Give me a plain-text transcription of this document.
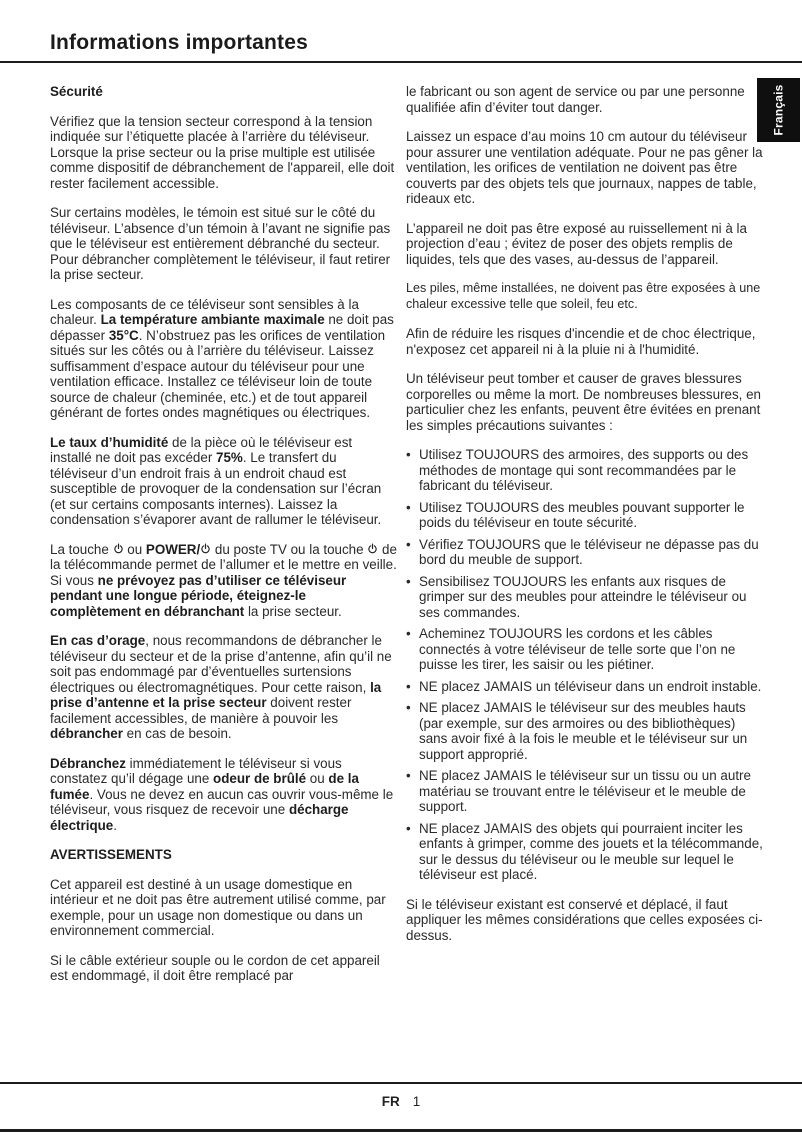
Informations importantes
Français
Sécurité
Vérifiez que la tension secteur correspond à la tension indiquée sur l’étiquette placée à l’arrière du téléviseur. Lorsque la prise secteur ou la prise multiple est utilisée comme dispositif de débranchement de l'appareil, elle doit rester facilement accessible.
Sur certains modèles, le témoin est situé sur le côté du téléviseur. L’absence d’un témoin à l’avant ne signifie pas que le téléviseur est entièrement débranché du secteur. Pour débrancher complètement le téléviseur, il faut retirer la prise secteur.
Les composants de ce téléviseur sont sensibles à la chaleur. La température ambiante maximale ne doit pas dépasser 35°C. N’obstruez pas les orifices de ventilation situés sur les côtés ou à l’arrière du téléviseur. Laissez suffisamment d’espace autour du téléviseur pour une ventilation efficace. Installez ce téléviseur loin de toute source de chaleur (cheminée, etc.) et de tout appareil générant de fortes ondes magnétiques ou électriques.
Le taux d’humidité de la pièce où le téléviseur est installé ne doit pas excéder 75%. Le transfert du téléviseur d’un endroit frais à un endroit chaud est susceptible de provoquer de la condensation sur l’écran (et sur certains composants internes). Laissez la condensation s’évaporer avant de rallumer le téléviseur.
La touche  ou POWER/ du poste TV ou la touche  de la télécommande permet de l’allumer et le mettre en veille. Si vous ne prévoyez pas d’utiliser ce téléviseur pendant une longue période, éteignez-le complètement en débranchant la prise secteur.
En cas d’orage, nous recommandons de débrancher le téléviseur du secteur et de la prise d’antenne, afin qu’il ne soit pas endommagé par d’éventuelles surtensions électriques ou électromagnétiques. Pour cette raison, la prise d’antenne et la prise secteur doivent rester facilement accessibles, de manière à pouvoir les débrancher en cas de besoin.
Débranchez immédiatement le téléviseur si vous constatez qu’il dégage une odeur de brûlé ou de la fumée. Vous ne devez en aucun cas ouvrir vous-même le téléviseur, vous risquez de recevoir une décharge électrique.
AVERTISSEMENTS
Cet appareil est destiné à un usage domestique en intérieur et ne doit pas être autrement utilisé comme, par exemple, pour un usage non domestique ou dans un environnement commercial.
Si le câble extérieur souple ou le cordon de cet appareil est endommagé, il doit être remplacé par
le fabricant ou son agent de service ou par une personne qualifiée afin d’éviter tout danger.
Laissez un espace d’au moins 10 cm autour du téléviseur pour assurer une ventilation adéquate. Pour ne pas gêner la ventilation, les orifices de ventilation ne doivent pas être couverts par des objets tels que journaux, nappes de table, rideaux etc.
L’appareil ne doit pas être exposé au ruissellement ni à la projection d’eau ; évitez de poser des objets remplis de liquides, tels que des vases, au-dessus de l’appareil.
Les piles, même installées, ne doivent pas être exposées à une chaleur excessive telle que soleil, feu etc.
Afin de réduire les risques d'incendie et de choc électrique, n'exposez cet appareil ni à la pluie ni à l'humidité.
Un téléviseur peut tomber et causer de graves blessures corporelles ou même la mort. De nombreuses blessures, en particulier chez les enfants, peuvent être évitées en prenant les simples précautions suivantes :
• Utilisez TOUJOURS des armoires, des supports ou des méthodes de montage qui sont recommandées par le fabricant du téléviseur.
• Utilisez TOUJOURS des meubles pouvant supporter le poids du téléviseur en toute sécurité.
• Vérifiez TOUJOURS que le téléviseur ne dépasse pas du bord du meuble de support.
• Sensibilisez TOUJOURS les enfants aux risques de grimper sur des meubles pour atteindre le téléviseur ou ses commandes.
• Acheminez TOUJOURS les cordons et les câbles connectés à votre téléviseur de telle sorte que l’on ne puisse les tirer, les saisir ou les piétiner.
• NE placez JAMAIS un téléviseur dans un endroit instable.
• NE placez JAMAIS le téléviseur sur des meubles hauts (par exemple, sur des armoires ou des bibliothèques) sans avoir fixé à la fois le meuble et le téléviseur sur un support approprié.
• NE placez JAMAIS le téléviseur sur un tissu ou un autre matériau se trouvant entre le téléviseur et le meuble de support.
• NE placez JAMAIS des objets qui pourraient inciter les enfants à grimper, comme des jouets et la télécommande, sur le dessus du téléviseur ou le meuble sur lequel le téléviseur est placé.
Si le téléviseur existant est conservé et déplacé, il faut appliquer les mêmes considérations que celles exposées ci-dessus.
FR 1
